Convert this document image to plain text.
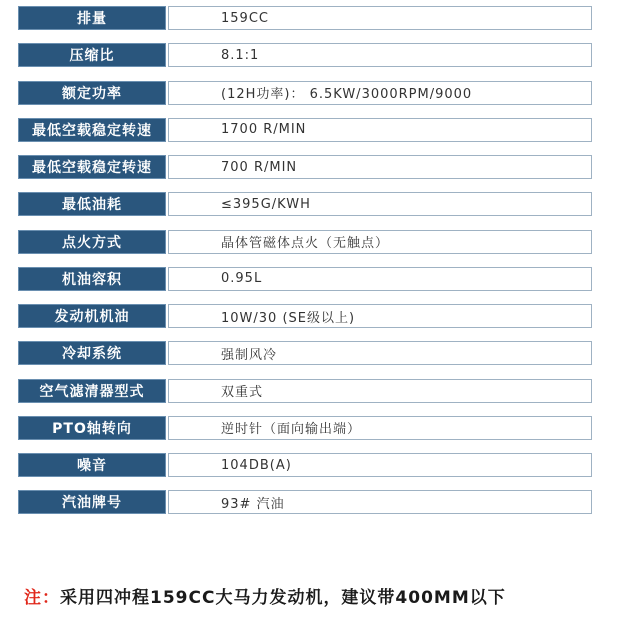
排量	159CC
压缩比	8.1:1
额定功率	(12H功率)： 6.5KW/3000RPM/9000
最低空载稳定转速	1700 R/MIN
最低空载稳定转速	700 R/MIN
最低油耗	≤395G/KWH
点火方式	晶体管磁体点火（无触点）
机油容积	0.95L
发动机机油	10W/30 (SE级以上)
冷却系统	强制风冷
空气滤清器型式	双重式
PTO轴转向	逆时针（面向输出端）
噪音	104DB(A)
汽油牌号	93# 汽油
注：采用四冲程159CC大马力发动机，建议带400MM以下
